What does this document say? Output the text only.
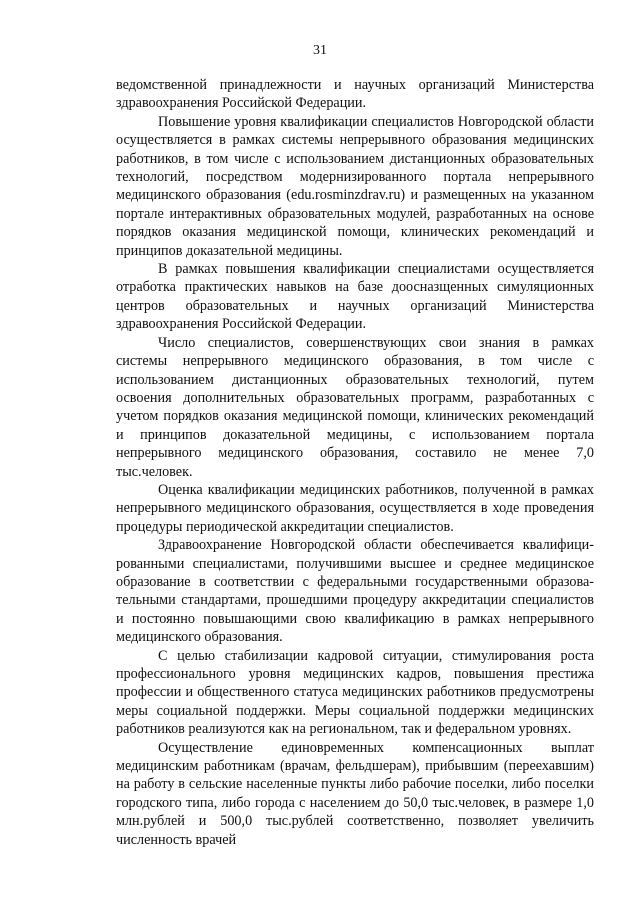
31

ведомственной принадлежности и научных организаций Министерства здравоохранения Российской Федерации.

Повышение уровня квалификации специалистов Новгородской области осуществляется в рамках системы непрерывного образования медицинских работников, в том числе с использованием дистанционных образовательных технологий, посредством модернизированного портала непрерывного медицинского образования (edu.rosminzdrav.ru) и размещенных на указанном портале интерактивных образовательных модулей, разработанных на основе порядков оказания медицинской помощи, клинических рекомендаций и принципов доказательной медицины.

В рамках повышения квалификации специалистами осуществляется отработка практических навыков на базе доосназщенных симуляционных центров образовательных и научных организаций Министерства здравоохранения Российской Федерации.

Число специалистов, совершенствующих свои знания в рамках системы непрерывного медицинского образования, в том числе с использованием дистанционных образовательных технологий, путем освоения дополнительных образовательных программ, разработанных с учетом порядков оказания медицинской помощи, клинических рекомендаций и принципов доказательной медицины, с использованием портала непрерывного медицинского образования, составило не менее 7,0 тыс.человек.

Оценка квалификации медицинских работников, полученной в рамках непрерывного медицинского образования, осуществляется в ходе проведения процедуры периодической аккредитации специалистов.

Здравоохранение Новгородской области обеспечивается квалифицированными специалистами, получившими высшее и среднее медицинское образование в соответствии с федеральными государственными образовательными стандартами, прошедшими процедуру аккредитации специалистов и постоянно повышающими свою квалификацию в рамках непрерывного медицинского образования.

С целью стабилизации кадровой ситуации, стимулирования роста профессионального уровня медицинских кадров, повышения престижа профессии и общественного статуса медицинских работников предусмотрены меры социальной поддержки. Меры социальной поддержки медицинских работников реализуются как на региональном, так и федеральном уровнях.

Осуществление единовременных компенсационных выплат медицинским работникам (врачам, фельдшерам), прибывшим (переехавшим) на работу в сельские населенные пункты либо рабочие поселки, либо поселки городского типа, либо города с населением до 50,0 тыс.человек, в размере 1,0 млн.рублей и 500,0 тыс.рублей соответственно, позволяет увеличить численность врачей
